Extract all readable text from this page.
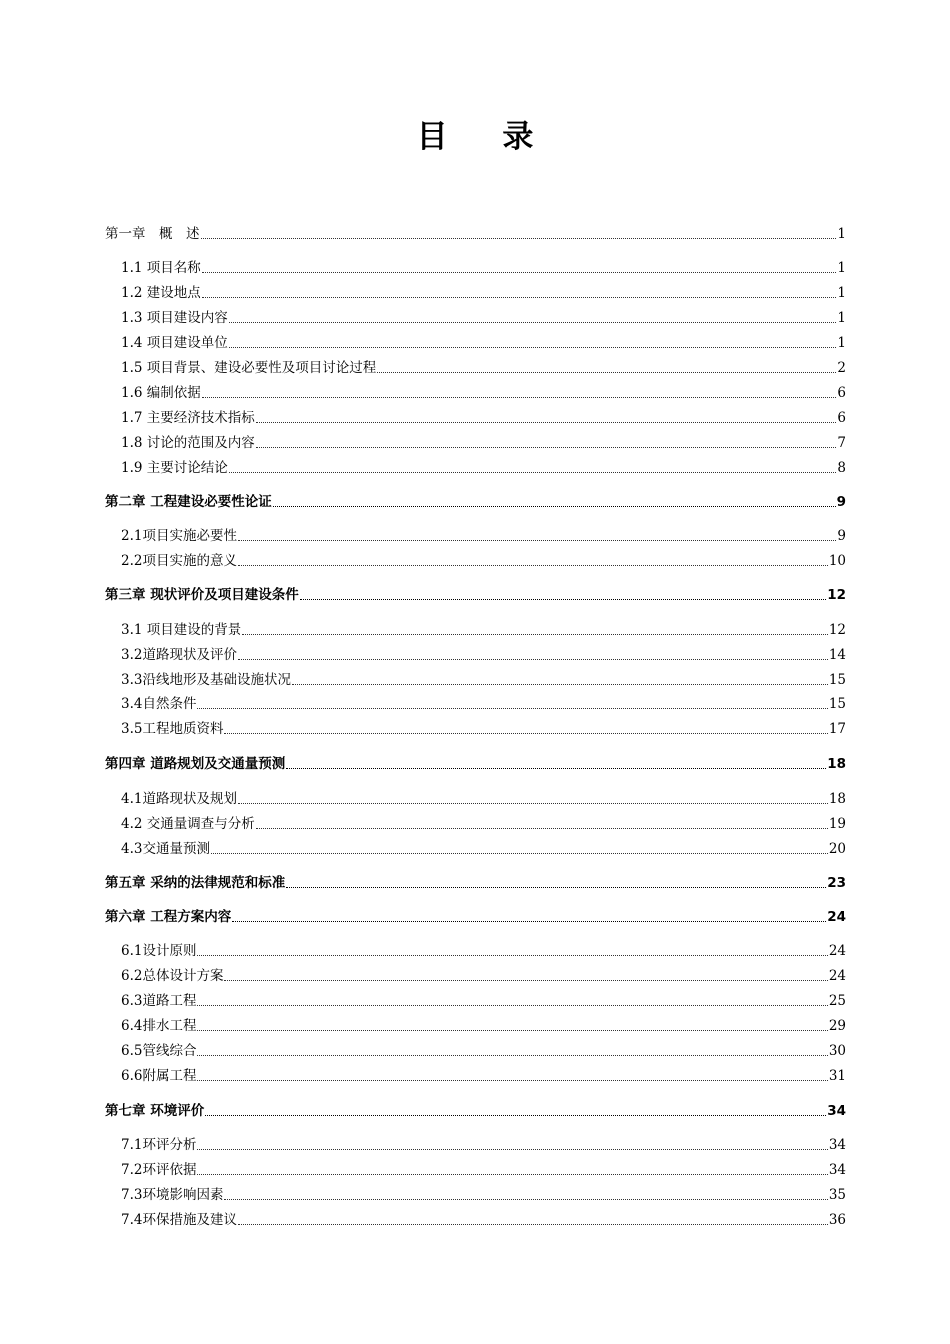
目 录
第一章　概　述	1
1.1 项目名称	1
1.2 建设地点	1
1.3 项目建设内容	1
1.4 项目建设单位	1
1.5 项目背景、建设必要性及项目讨论过程	2
1.6 编制依据	6
1.7 主要经济技术指标	6
1.8 讨论的范围及内容	7
1.9 主要讨论结论	8
第二章 工程建设必要性论证	9
2.1项目实施必要性	9
2.2项目实施的意义	10
第三章 现状评价及项目建设条件	12
3.1 项目建设的背景	12
3.2道路现状及评价	14
3.3沿线地形及基础设施状况	15
3.4自然条件	15
3.5工程地质资料	17
第四章 道路规划及交通量预测	18
4.1道路现状及规划	18
4.2 交通量调查与分析	19
4.3交通量预测	20
第五章 采纳的法律规范和标准	23
第六章 工程方案内容	24
6.1设计原则	24
6.2总体设计方案	24
6.3道路工程	25
6.4排水工程	29
6.5管线综合	30
6.6附属工程	31
第七章 环境评价	34
7.1环评分析	34
7.2环评依据	34
7.3环境影响因素	35
7.4环保措施及建议	36
